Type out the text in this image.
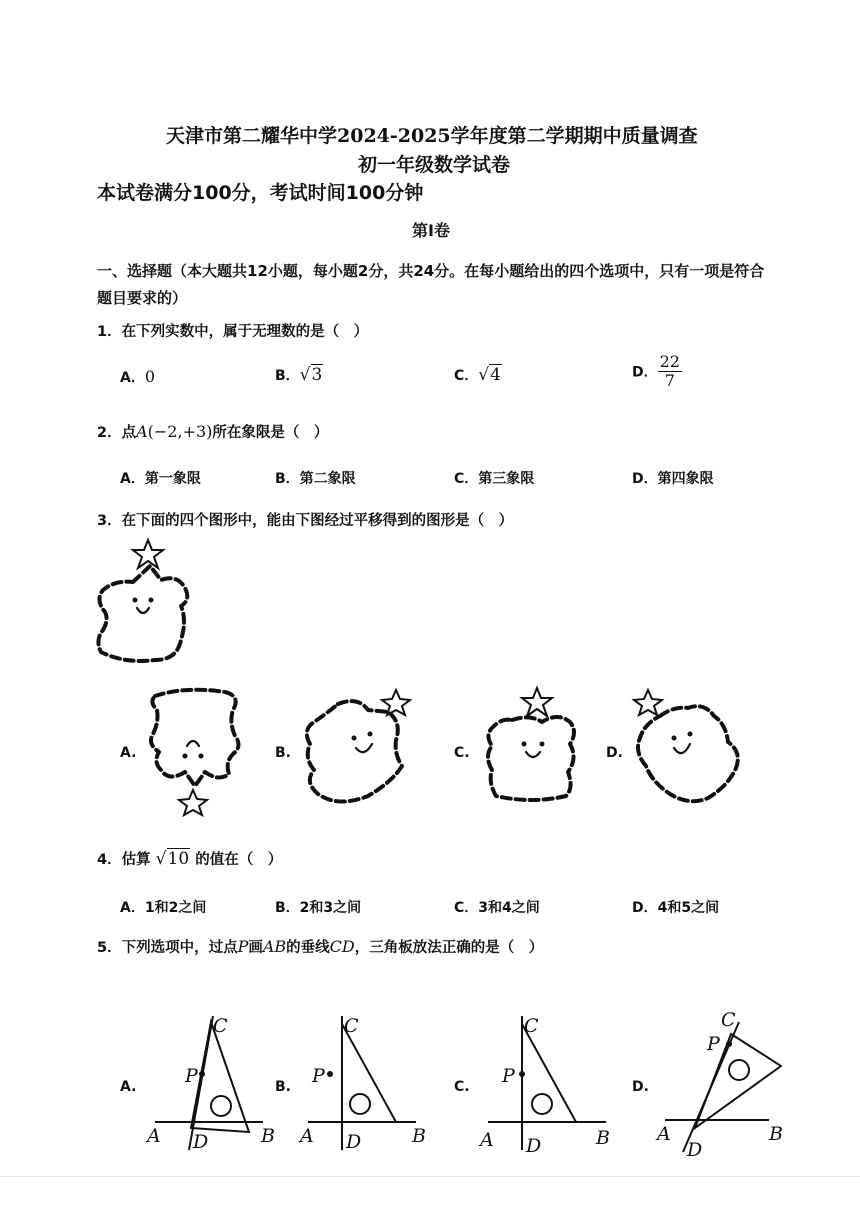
天津市第二耀华中学2024-2025学年度第二学期期中质量调查
初一年级数学试卷
本试卷满分100分，考试时间100分钟
第Ⅰ卷
一、选择题（本大题共12小题，每小题2分，共24分。在每小题给出的四个选项中，只有一项是符合
题目要求的）
1．在下列实数中，属于无理数的是（　）
A．0	B．√3	C．√4	D． $\frac{22}{7}$
2．点A(−2,+3)所在象限是（　）
A．第一象限	B．第二象限	C．第三象限	D．第四象限
3．在下面的四个图形中，能由下图经过平移得到的图形是（　）
A.	B.	C.	D.
4．估算 √10 的值在（　）
A．1和2之间	B．2和3之间	C．3和4之间	D．4和5之间
5．下列选项中，过点P画AB的垂线CD，三角板放法正确的是（　）
A.
C
P
A D	B
B.
C
P
A D	B
C.
C
P
A D	B
D.
C
P
A
D
B
